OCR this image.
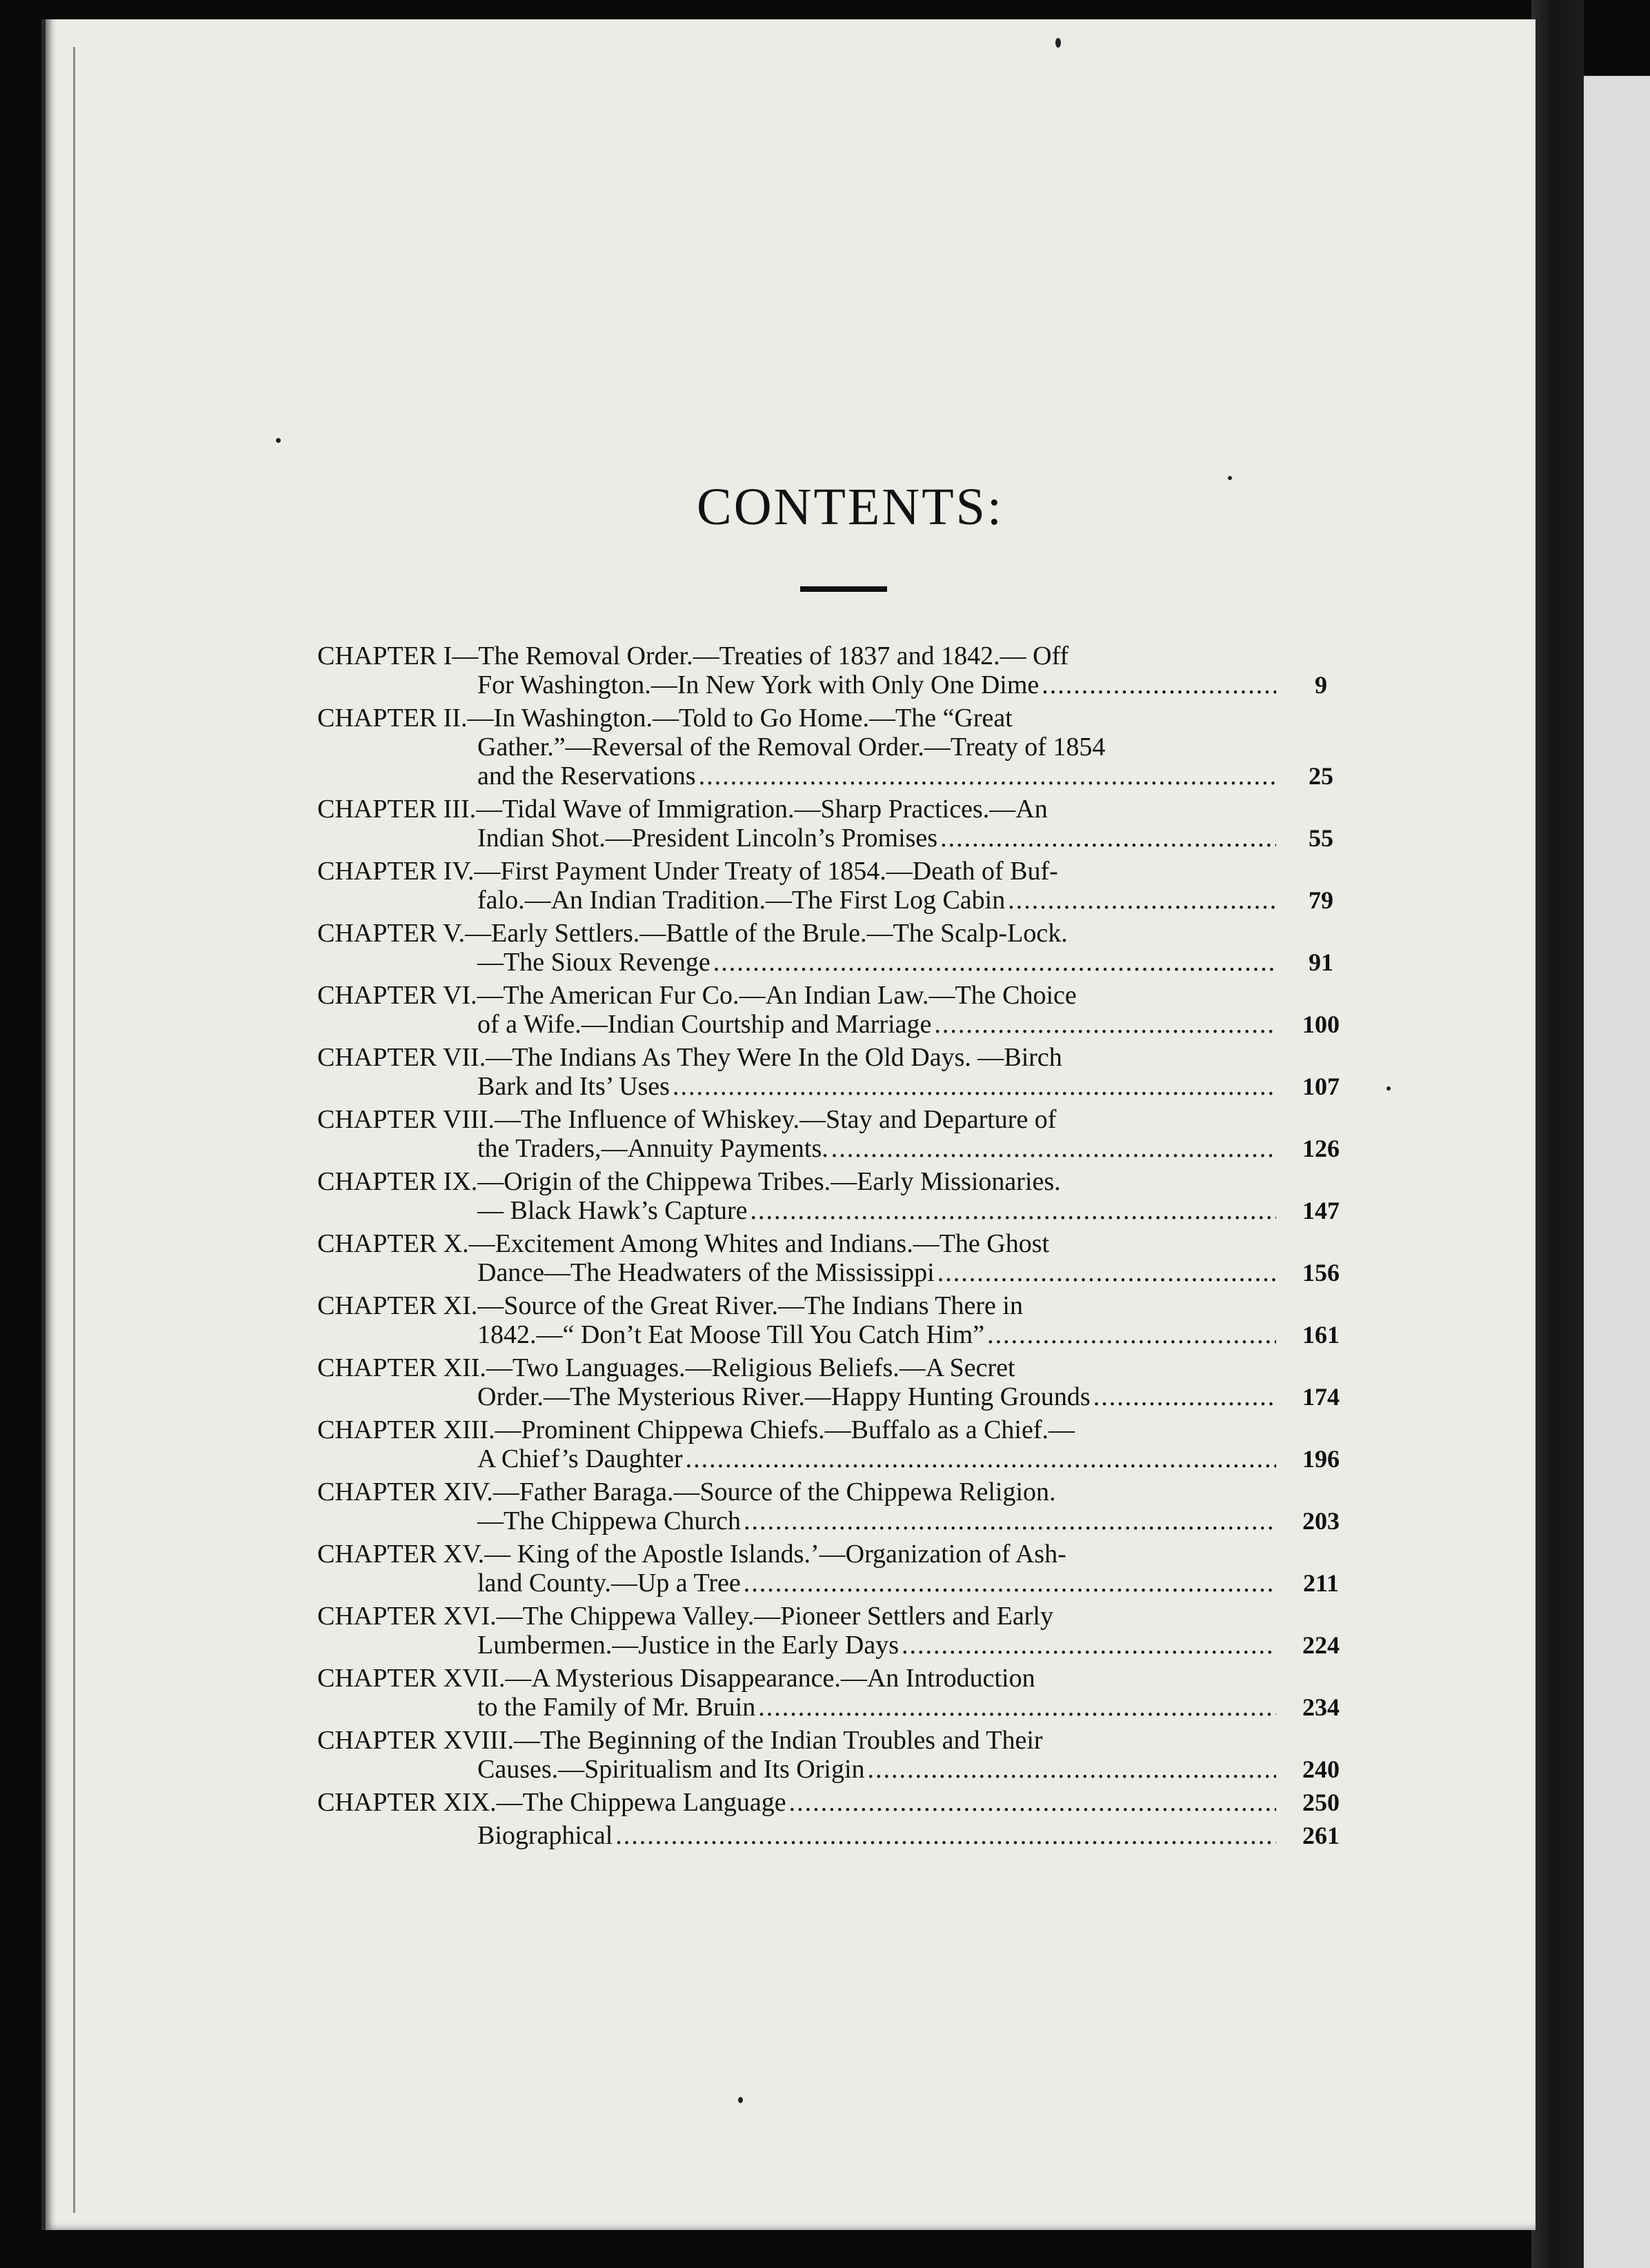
CONTENTS:
CHAPTER I—The Removal Order.—Treaties of 1837 and 1842.— Off
For Washington.—In New York with Only One Dime .....	9
CHAPTER II.—In Washington.—Told to Go Home.—The “Great
Gather.”—Reversal of the Removal Order.—Treaty of 1854
and the Reservations .....	25
CHAPTER III.—Tidal Wave of Immigration.—Sharp Practices.—An
Indian Shot.—President Lincoln’s Promises .....	55
CHAPTER IV.—First Payment Under Treaty of 1854.—Death of Buf-
falo.—An Indian Tradition.—The First Log Cabin .....	79
CHAPTER V.—Early Settlers.—Battle of the Brule.—The Scalp-Lock.
—The Sioux Revenge .....	91
CHAPTER VI.—The American Fur Co.—An Indian Law.—The Choice
of a Wife.—Indian Courtship and Marriage .....	100
CHAPTER VII.—The Indians As They Were In the Old Days. —Birch
Bark and Its’ Uses .....	107
CHAPTER VIII.—The Influence of Whiskey.—Stay and Departure of
the Traders,—Annuity Payments. .....	126
CHAPTER IX.—Origin of the Chippewa Tribes.—Early Missionaries.
— Black Hawk’s Capture .....	147
CHAPTER X.—Excitement Among Whites and Indians.—The Ghost
Dance—The Headwaters of the Mississippi .....	156
CHAPTER XI.—Source of the Great River.—The Indians There in
1842.—“ Don’t Eat Moose Till You Catch Him” .....	161
CHAPTER XII.—Two Languages.—Religious Beliefs.—A Secret
Order.—The Mysterious River.—Happy Hunting Grounds .....	174
CHAPTER XIII.—Prominent Chippewa Chiefs.—Buffalo as a Chief.—
A Chief’s Daughter .....	196
CHAPTER XIV.—Father Baraga.—Source of the Chippewa Religion.
—The Chippewa Church .....	203
CHAPTER XV.— King of the Apostle Islands.’—Organization of Ash-
land County.—Up a Tree .....	211
CHAPTER XVI.—The Chippewa Valley.—Pioneer Settlers and Early
Lumbermen.—Justice in the Early Days .....	224
CHAPTER XVII.—A Mysterious Disappearance.—An Introduction
to the Family of Mr. Bruin .....	234
CHAPTER XVIII.—The Beginning of the Indian Troubles and Their
Causes.—Spiritualism and Its Origin .....	240
CHAPTER XIX.—The Chippewa Language .....	250
Biographical .....	261
